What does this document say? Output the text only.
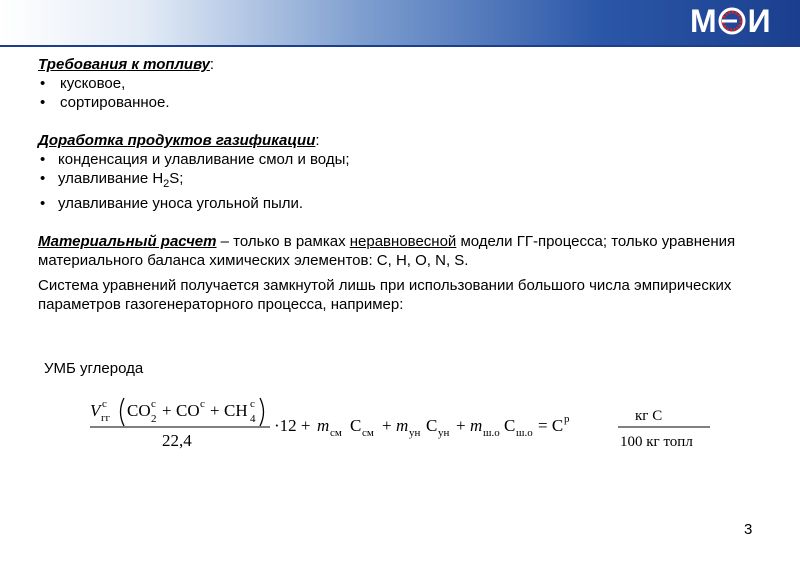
М И
Требования к топливу:
• кусковое,
• сортированное.
Доработка продуктов газификации:
• конденсация и улавливание смол и воды;
• улавливание $H_2S$;
• улавливание уноса угольной пыли.

Материальный расчет – только в рамках неравновесной модели ГГ-процесса; только уравнения материального баланса химических элементов: C, H, O, N, S.

Система уравнений получается замкнутой лишь при использовании большого числа эмпирических параметров газогенераторного процесса, например:

УМБ углерода
V с
гг CO c
2 + CO c + CH c
4
22,4
·12 + m см C см + m ун C ун + m ш.о C ш.о = C р	кг С
100 кг топл
3
